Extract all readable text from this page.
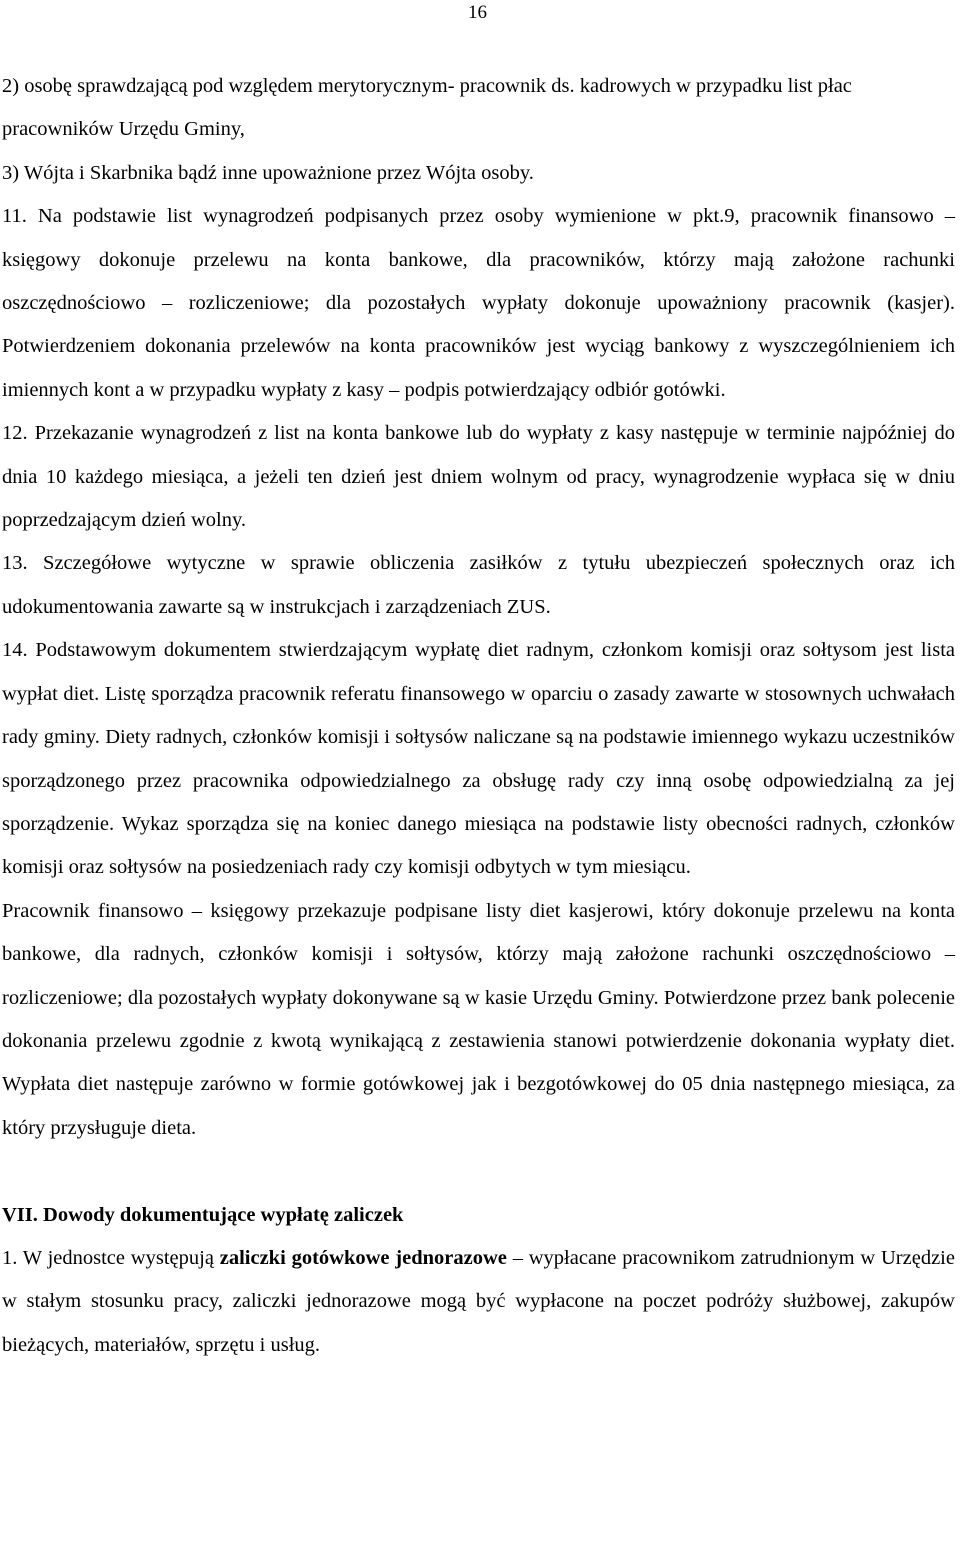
16

2) osobę sprawdzającą pod względem merytorycznym- pracownik ds. kadrowych w przypadku list płac pracowników Urzędu Gminy,

3) Wójta i Skarbnika bądź inne upoważnione przez Wójta osoby.

11. Na podstawie list wynagrodzeń podpisanych przez osoby wymienione w pkt.9, pracownik finansowo – księgowy dokonuje przelewu na konta bankowe, dla pracowników, którzy mają założone rachunki oszczędnościowo – rozliczeniowe; dla pozostałych wypłaty dokonuje upoważniony pracownik (kasjer). Potwierdzeniem dokonania przelewów na konta pracowników jest wyciąg bankowy z wyszczególnieniem ich imiennych kont a w przypadku wypłaty z kasy – podpis potwierdzający odbiór gotówki.

12. Przekazanie wynagrodzeń z list na konta bankowe lub do wypłaty z kasy następuje w terminie najpóźniej do dnia 10 każdego miesiąca, a jeżeli ten dzień jest dniem wolnym od pracy, wynagrodzenie wypłaca się w dniu poprzedzającym dzień wolny.

13. Szczegółowe wytyczne w sprawie obliczenia zasiłków z tytułu ubezpieczeń społecznych oraz ich udokumentowania zawarte są w instrukcjach i zarządzeniach ZUS.

14. Podstawowym dokumentem stwierdzającym wypłatę diet radnym, członkom komisji oraz sołtysom jest lista wypłat diet. Listę sporządza pracownik referatu finansowego w oparciu o zasady zawarte w stosownych uchwałach rady gminy. Diety radnych, członków komisji i sołtysów naliczane są na podstawie imiennego wykazu uczestników sporządzonego przez pracownika odpowiedzialnego za obsługę rady czy inną osobę odpowiedzialną za jej sporządzenie. Wykaz sporządza się na koniec danego miesiąca na podstawie listy obecności radnych, członków komisji oraz sołtysów na posiedzeniach rady czy komisji odbytych w tym miesiącu.

Pracownik finansowo – księgowy przekazuje podpisane listy diet kasjerowi, który dokonuje przelewu na konta bankowe, dla radnych, członków komisji i sołtysów, którzy mają założone rachunki oszczędnościowo –rozliczeniowe; dla pozostałych wypłaty dokonywane są w kasie Urzędu Gminy. Potwierdzone przez bank polecenie dokonania przelewu zgodnie z kwotą wynikającą z zestawienia stanowi potwierdzenie dokonania wypłaty diet. Wypłata diet następuje zarówno w formie gotówkowej jak i bezgotówkowej do 05 dnia następnego miesiąca, za który przysługuje dieta.

VII. Dowody dokumentujące wypłatę zaliczek

1. W jednostce występują zaliczki gotówkowe jednorazowe – wypłacane pracownikom zatrudnionym w Urzędzie w stałym stosunku pracy, zaliczki jednorazowe mogą być wypłacone na poczet podróży służbowej, zakupów bieżących, materiałów, sprzętu i usług.
